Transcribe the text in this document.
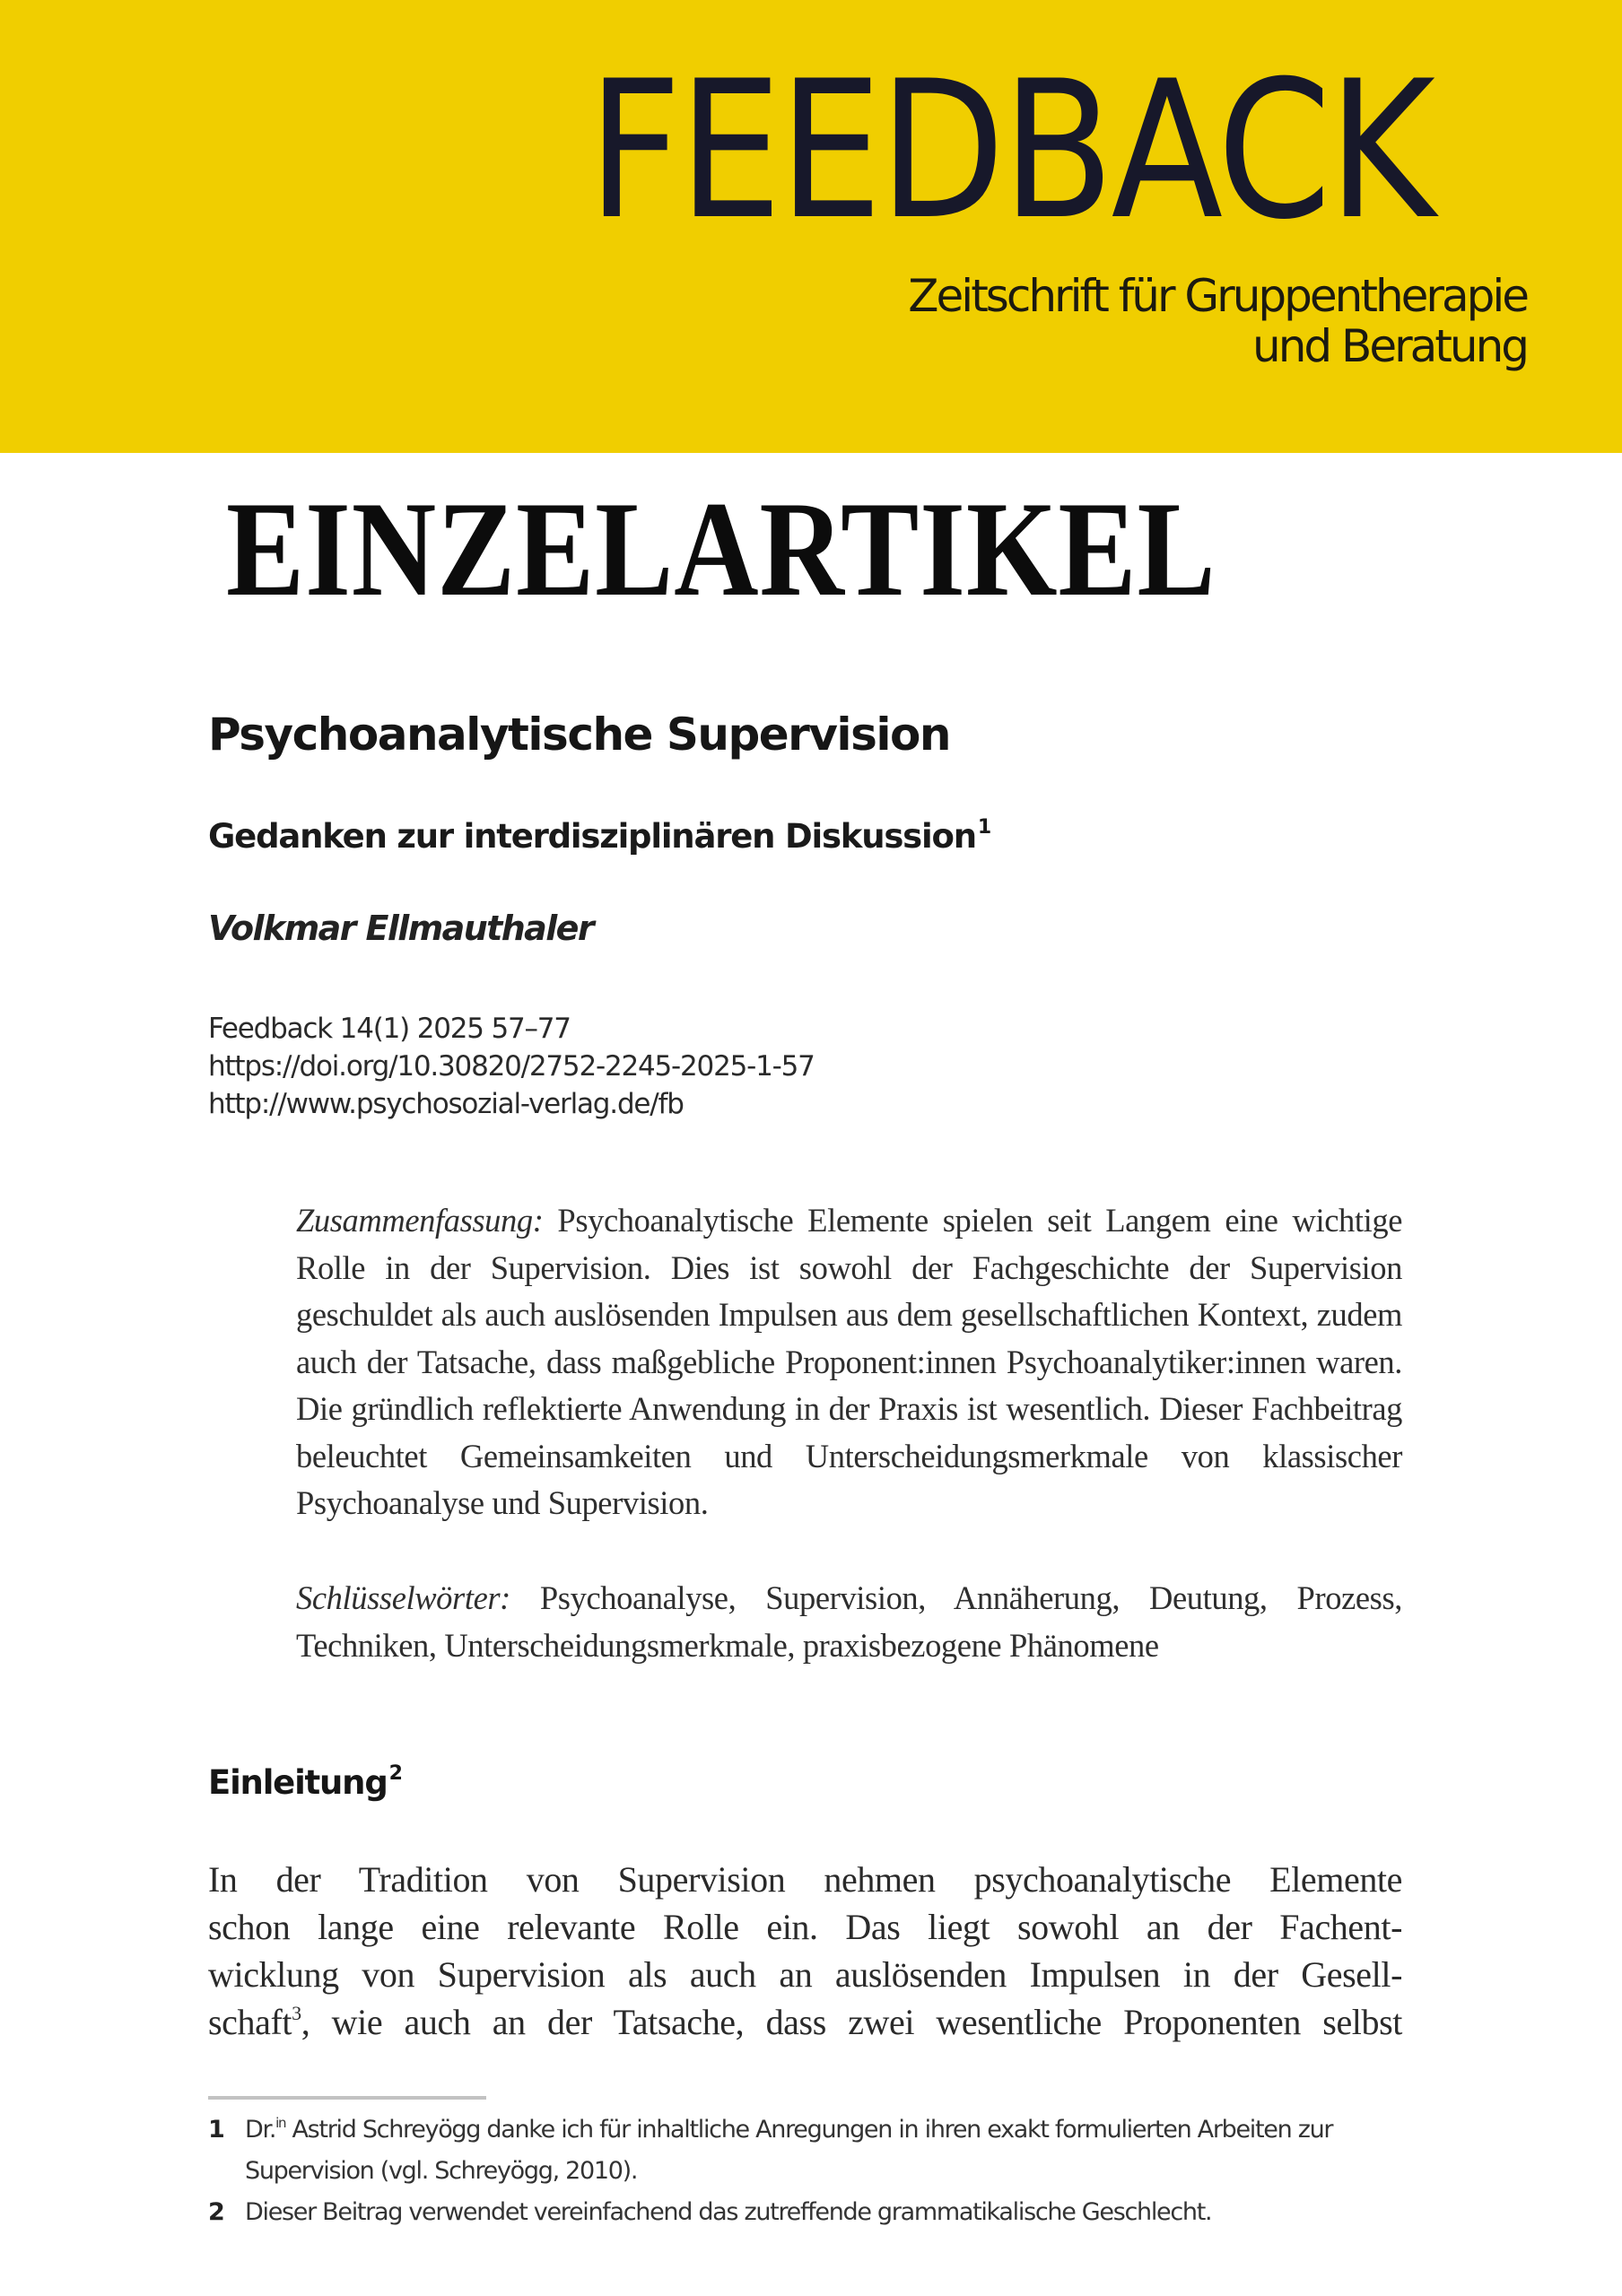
FEEDBACK
Zeitschrift für Gruppentherapie
und Beratung
EINZELARTIKEL
Psychoanalytische Supervision
Gedanken zur interdisziplinären Diskussion$^1$
Volkmar Ellmauthaler
Feedback 14(1) 2025 57–77
https://doi.org/10.30820/2752-2245-2025-1-57
http://www.psychosozial-verlag.de/fb

Zusammenfassung: Psychoanalytische Elemente spielen seit Langem eine wichtige Rolle in der Supervision. Dies ist sowohl der Fachgeschichte der Supervision geschuldet als auch auslösenden Impulsen aus dem gesellschaftlichen Kontext, zudem auch der Tatsache, dass maßgebliche Proponent:innen Psychoanalytiker:innen waren. Die gründlich reflektierte Anwendung in der Praxis ist wesentlich. Dieser Fachbeitrag beleuchtet Gemeinsamkeiten und Unterscheidungsmerkmale von klassischer Psychoanalyse und Supervision.

Schlüsselwörter: Psychoanalyse, Supervision, Annäherung, Deutung, Prozess, Techniken, Unterscheidungsmerkmale, praxisbezogene Phänomene
Einleitung$^2$
In der Tradition von Supervision nehmen psychoanalytische Elemente
schon lange eine relevante Rolle ein. Das liegt sowohl an der Fachent-
wicklung von Supervision als auch an auslösenden Impulsen in der Gesell-
schaft$^3$, wie auch an der Tatsache, dass zwei wesentliche Proponenten selbst
1 Dr.$^{in}$ Astrid Schreyögg danke ich für inhaltliche Anregungen in ihren exakt formulierten Arbeiten zur Supervision (vgl. Schreyögg, 2010).
2 Dieser Beitrag verwendet vereinfachend das zutreffende grammatikalische Geschlecht.
